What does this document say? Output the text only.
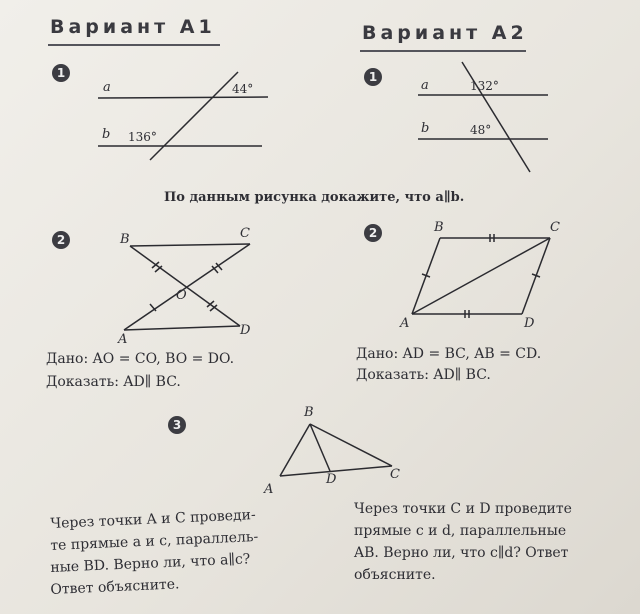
Вариант А1	Вариант А2
1
a
b
44°
136°
1
a
b
132°
48°
По данным рисунка докажите, что a∥b.
2	B	C
O
A
D
Дано: AO = CO, BO = DO.
Доказать: AD∥ BC.
2	B	C
A	D
Дано: AD = BC, AB = CD.
Доказать: AD∥ BC.
3
B
A
D	C
Через точки A и C проведи-
те прямые a и c, параллель-
ные BD. Верно ли, что a∥c?
Ответ объясните.
Через точки C и D проведите
прямые c и d, параллельные
AB. Верно ли, что c∥d? Ответ
объясните.
